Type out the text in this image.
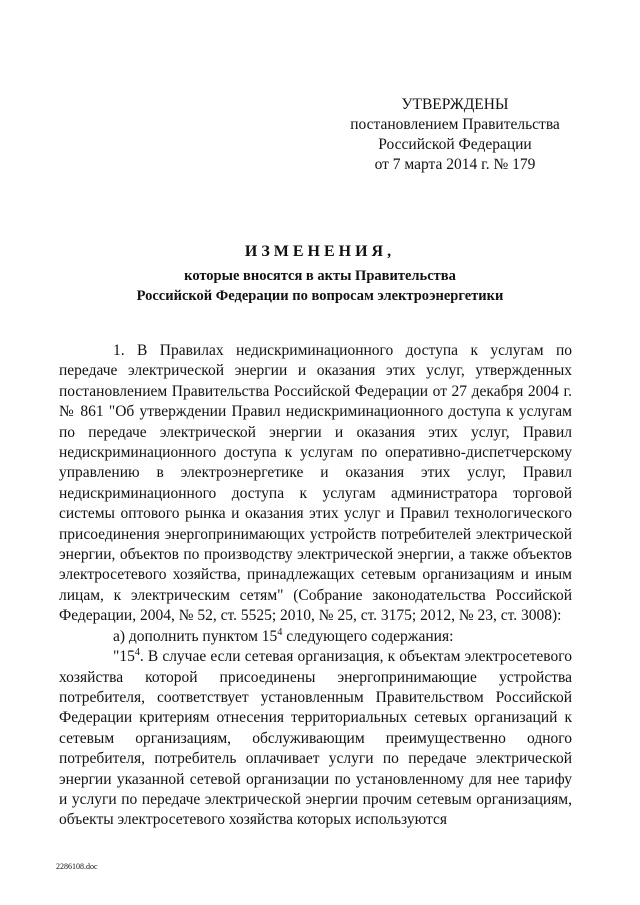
УТВЕРЖДЕНЫ
постановлением Правительства
Российской Федерации
от 7 марта 2014 г. № 179
ИЗМЕНЕНИЯ,
которые вносятся в акты Правительства
Российской Федерации по вопросам электроэнергетики

1. В Правилах недискриминационного доступа к услугам по передаче электрической энергии и оказания этих услуг, утвержденных постановлением Правительства Российской Федерации от 27 декабря 2004 г. № 861 "Об утверждении Правил недискриминационного доступа к услугам по передаче электрической энергии и оказания этих услуг, Правил недискриминационного доступа к услугам по оперативно-диспетчерскому управлению в электроэнергетике и оказания этих услуг, Правил недискриминационного доступа к услугам администратора торговой системы оптового рынка и оказания этих услуг и Правил технологического присоединения энергопринимающих устройств потребителей электрической энергии, объектов по производству электрической энергии, а также объектов электросетевого хозяйства, принадлежащих сетевым организациям и иным лицам, к электрическим сетям" (Собрание законодательства Российской Федерации, 2004, № 52, ст. 5525; 2010, № 25, ст. 3175; 2012, № 23, ст. 3008):

а) дополнить пунктом $15^4$ следующего содержания:

"$15^4$. В случае если сетевая организация, к объектам электросетевого хозяйства которой присоединены энергопринимающие устройства потребителя, соответствует установленным Правительством Российской Федерации критериям отнесения территориальных сетевых организаций к сетевым организациям, обслуживающим преимущественно одного потребителя, потребитель оплачивает услуги по передаче электрической энергии указанной сетевой организации по установленному для нее тарифу и услуги по передаче электрической энергии прочим сетевым организациям, объекты электросетевого хозяйства которых используются

2286108.doc
